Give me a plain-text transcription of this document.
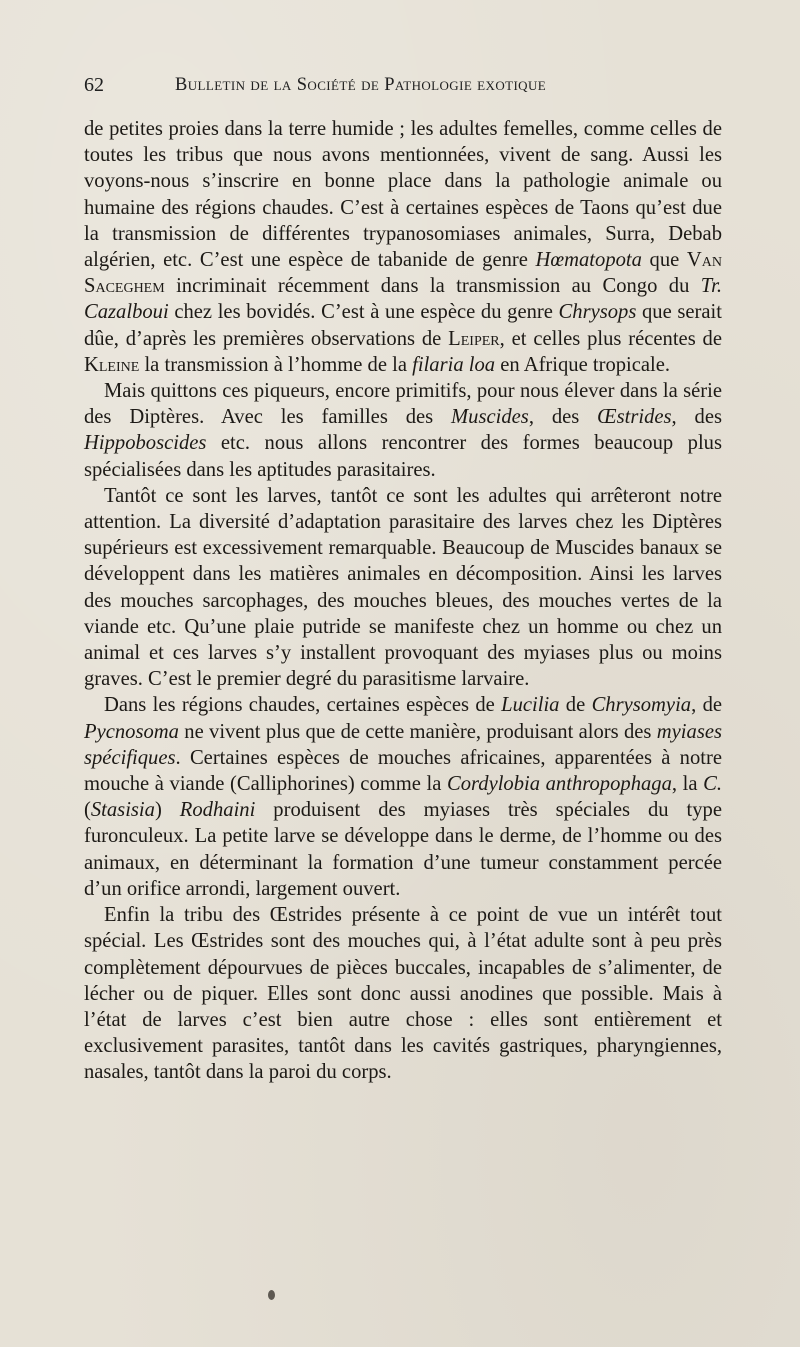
62	Bulletin de la Société de Pathologie exotique

de petites proies dans la terre humide ; les adultes femelles, comme celles de toutes les tribus que nous avons mentionnées, vivent de sang. Aussi les voyons-nous s’inscrire en bonne place dans la pathologie animale ou humaine des régions chaudes. C’est à certaines espèces de Taons qu’est due la transmission de différentes trypanosomiases animales, Surra, Debab algérien, etc. C’est une espèce de tabanide de genre Hœmatopota que Van Saceghem incriminait récemment dans la transmission au Congo du Tr. Cazalboui chez les bovidés. C’est à une espèce du genre Chrysops que serait dûe, d’après les premières observations de Leiper, et celles plus récentes de Kleine la transmission à l’homme de la filaria loa en Afrique tropicale.

Mais quittons ces piqueurs, encore primitifs, pour nous élever dans la série des Diptères. Avec les familles des Muscides, des Œstrides, des Hippoboscides etc. nous allons rencontrer des formes beaucoup plus spécialisées dans les aptitudes parasitaires.

Tantôt ce sont les larves, tantôt ce sont les adultes qui arrêteront notre attention. La diversité d’adaptation parasitaire des larves chez les Diptères supérieurs est excessivement remarquable. Beaucoup de Muscides banaux se développent dans les matières animales en décomposition. Ainsi les larves des mouches sarcophages, des mouches bleues, des mouches vertes de la viande etc. Qu’une plaie putride se manifeste chez un homme ou chez un animal et ces larves s’y installent provoquant des myiases plus ou moins graves. C’est le premier degré du parasitisme larvaire.

Dans les régions chaudes, certaines espèces de Lucilia de Chrysomyia, de Pycnosoma ne vivent plus que de cette manière, produisant alors des myiases spécifiques. Certaines espèces de mouches africaines, apparentées à notre mouche à viande (Calliphorines) comme la Cordylobia anthropophaga, la C. (Stasisia) Rodhaini produisent des myiases très spéciales du type furonculeux. La petite larve se développe dans le derme, de l’homme ou des animaux, en déterminant la formation d’une tumeur constamment percée d’un orifice arrondi, largement ouvert.

Enfin la tribu des Œstrides présente à ce point de vue un intérêt tout spécial. Les Œstrides sont des mouches qui, à l’état adulte sont à peu près complètement dépourvues de pièces buccales, incapables de s’alimenter, de lécher ou de piquer. Elles sont donc aussi anodines que possible. Mais à l’état de larves c’est bien autre chose : elles sont entièrement et exclusivement parasites, tantôt dans les cavités gastriques, pharyngiennes, nasales, tantôt dans la paroi du corps.
